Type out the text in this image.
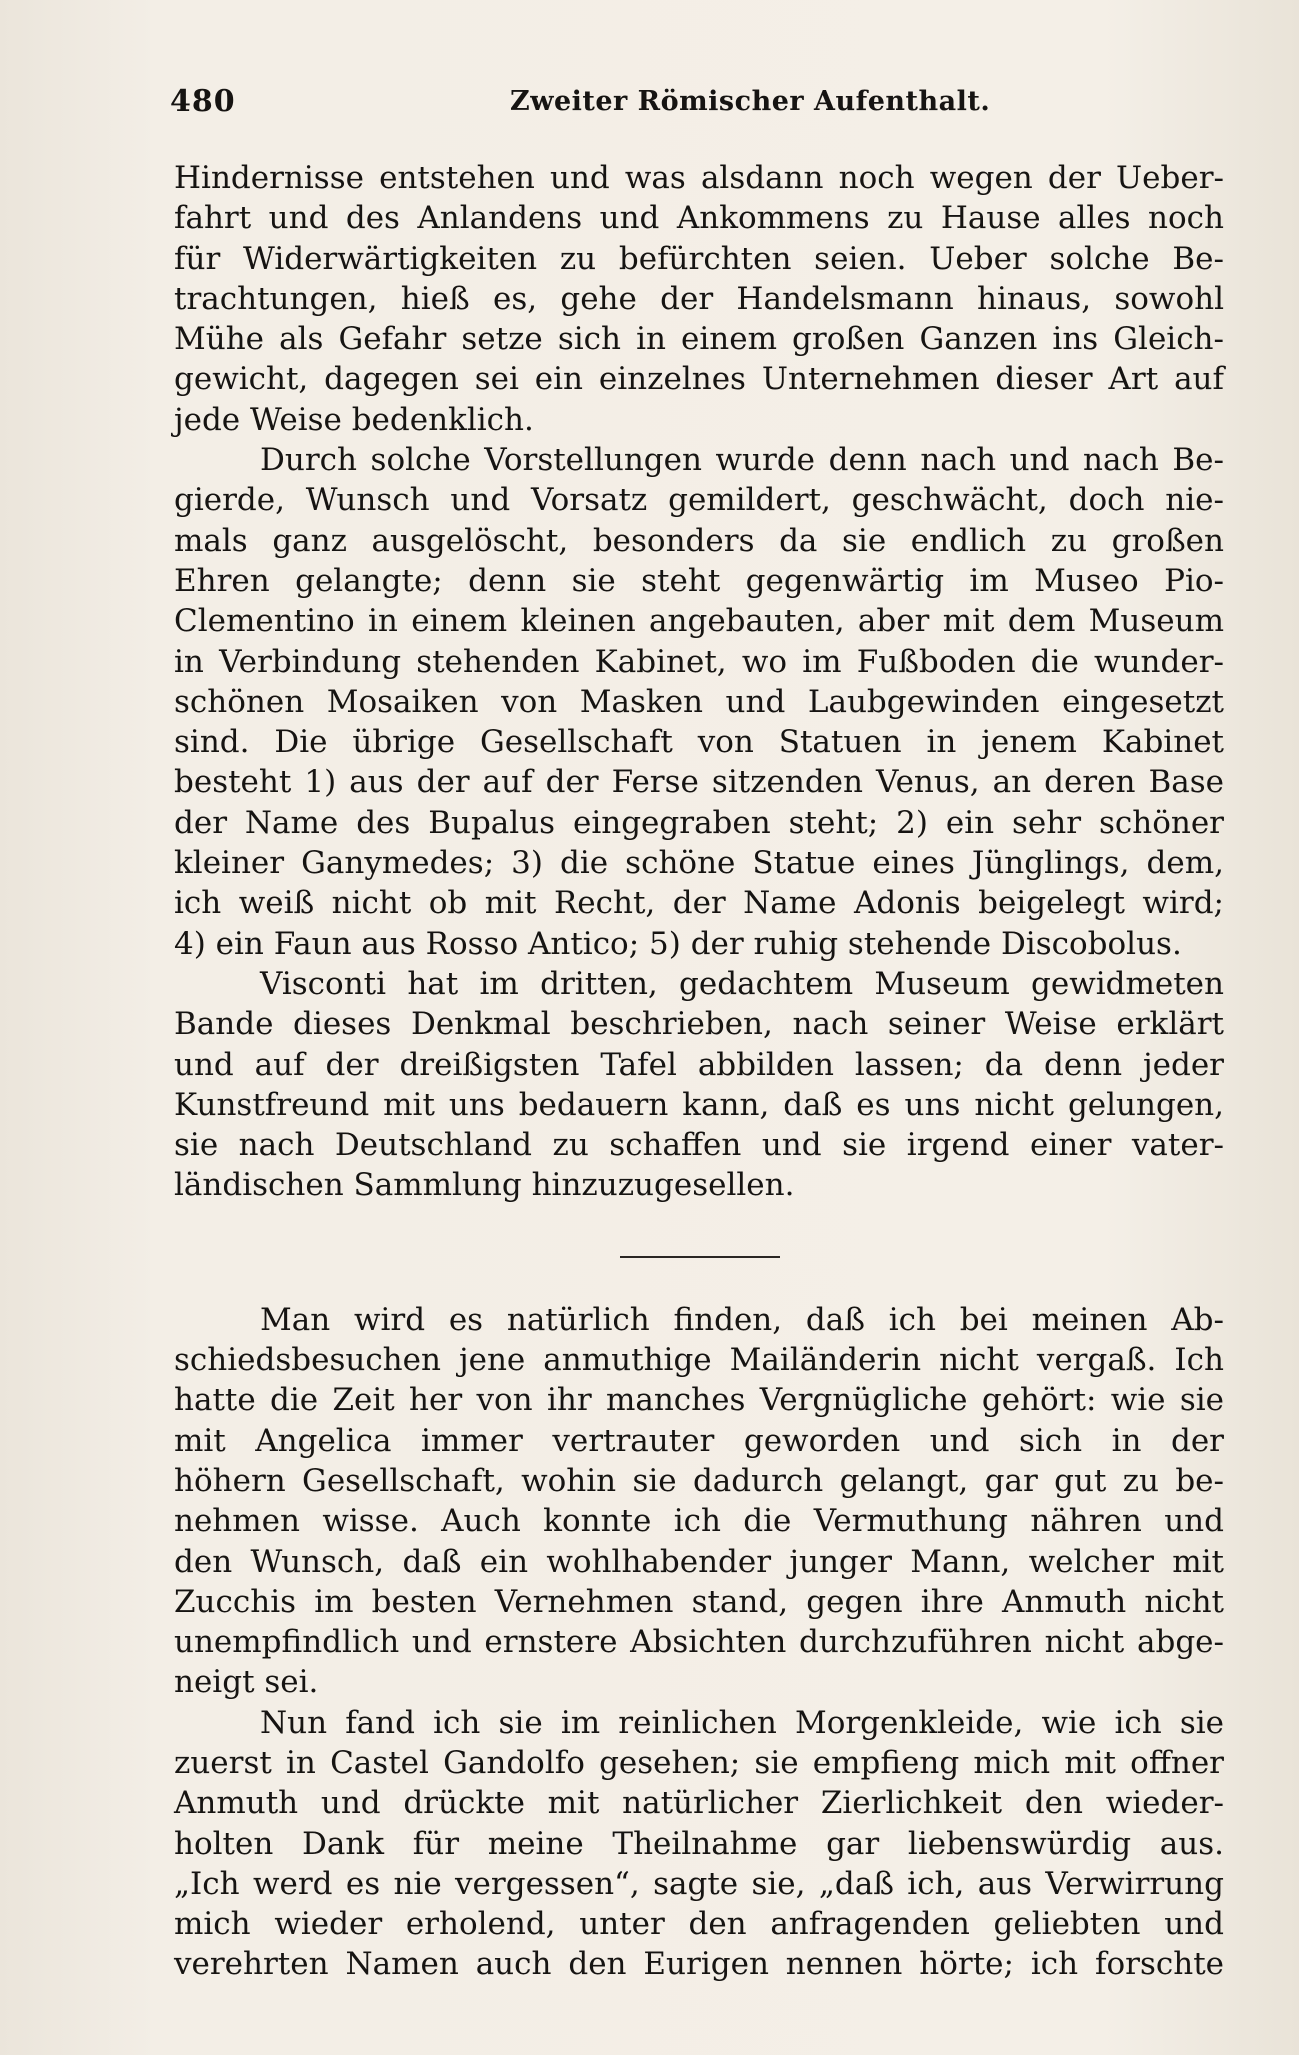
480	Zweiter Römischer Aufenthalt.
Hindernisse entstehen und was alsdann noch wegen der Ueber-
fahrt und des Anlandens und Ankommens zu Hause alles noch
für Widerwärtigkeiten zu befürchten seien. Ueber solche Be-
trachtungen, hieß es, gehe der Handelsmann hinaus, sowohl
Mühe als Gefahr setze sich in einem großen Ganzen ins Gleich-
gewicht, dagegen sei ein einzelnes Unternehmen dieser Art auf
jede Weise bedenklich.
Durch solche Vorstellungen wurde denn nach und nach Be-
gierde, Wunsch und Vorsatz gemildert, geschwächt, doch nie-
mals ganz ausgelöscht, besonders da sie endlich zu großen
Ehren gelangte; denn sie steht gegenwärtig im Museo Pio-
Clementino in einem kleinen angebauten, aber mit dem Museum
in Verbindung stehenden Kabinet, wo im Fußboden die wunder-
schönen Mosaiken von Masken und Laubgewinden eingesetzt
sind. Die übrige Gesellschaft von Statuen in jenem Kabinet
besteht 1) aus der auf der Ferse sitzenden Venus, an deren Base
der Name des Bupalus eingegraben steht; 2) ein sehr schöner
kleiner Ganymedes; 3) die schöne Statue eines Jünglings, dem,
ich weiß nicht ob mit Recht, der Name Adonis beigelegt wird;
4) ein Faun aus Rosso Antico; 5) der ruhig stehende Discobolus.
Visconti hat im dritten, gedachtem Museum gewidmeten
Bande dieses Denkmal beschrieben, nach seiner Weise erklärt
und auf der dreißigsten Tafel abbilden lassen; da denn jeder
Kunstfreund mit uns bedauern kann, daß es uns nicht gelungen,
sie nach Deutschland zu schaffen und sie irgend einer vater-
ländischen Sammlung hinzuzugesellen.
Man wird es natürlich finden, daß ich bei meinen Ab-
schiedsbesuchen jene anmuthige Mailänderin nicht vergaß. Ich
hatte die Zeit her von ihr manches Vergnügliche gehört: wie sie
mit Angelica immer vertrauter geworden und sich in der
höhern Gesellschaft, wohin sie dadurch gelangt, gar gut zu be-
nehmen wisse. Auch konnte ich die Vermuthung nähren und
den Wunsch, daß ein wohlhabender junger Mann, welcher mit
Zucchis im besten Vernehmen stand, gegen ihre Anmuth nicht
unempfindlich und ernstere Absichten durchzuführen nicht abge-
neigt sei.
Nun fand ich sie im reinlichen Morgenkleide, wie ich sie
zuerst in Castel Gandolfo gesehen; sie empfieng mich mit offner
Anmuth und drückte mit natürlicher Zierlichkeit den wieder-
holten Dank für meine Theilnahme gar liebenswürdig aus.
„Ich werd es nie vergessen“, sagte sie, „daß ich, aus Verwirrung
mich wieder erholend, unter den anfragenden geliebten und
verehrten Namen auch den Eurigen nennen hörte; ich forschte
